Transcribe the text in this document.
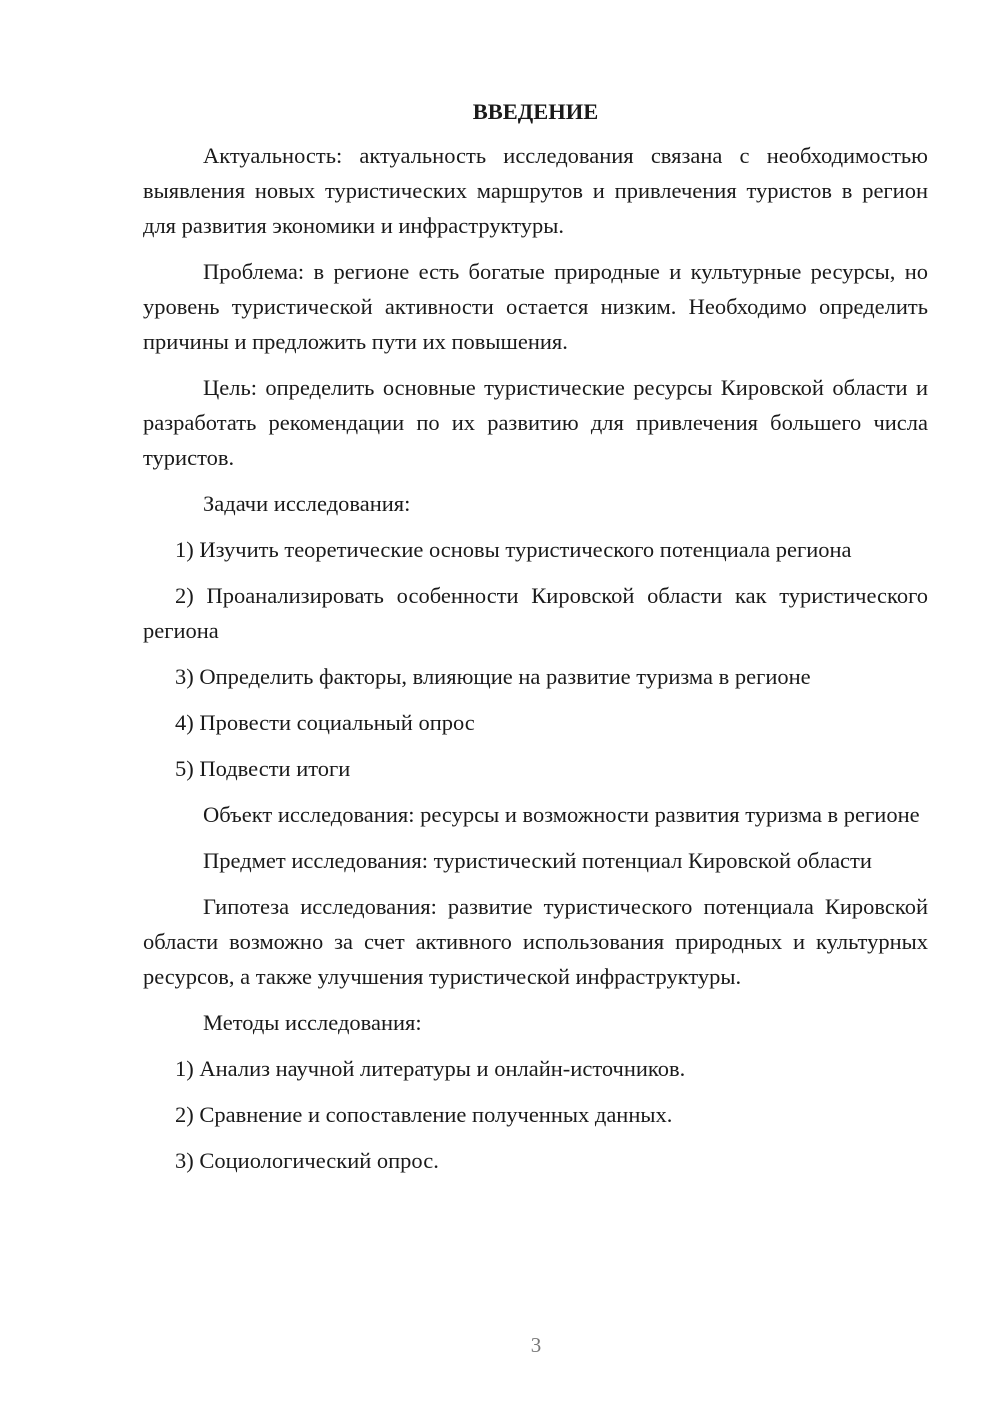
ВВЕДЕНИЕ

Актуальность: актуальность исследования связана с необходимостью выявления новых туристических маршрутов и привлечения туристов в регион для развития экономики и инфраструктуры.

Проблема: в регионе есть богатые природные и культурные ресурсы, но уровень туристической активности остается низким. Необходимо определить причины и предложить пути их повышения.

Цель: определить основные туристические ресурсы Кировской области и разработать рекомендации по их развитию для привлечения большего числа туристов.

Задачи исследования:

1) Изучить теоретические основы туристического потенциала региона

2) Проанализировать особенности Кировской области как туристического региона

3) Определить факторы, влияющие на развитие туризма в регионе

4) Провести социальный опрос

5) Подвести итоги

Объект исследования: ресурсы и возможности развития туризма в регионе

Предмет исследования: туристический потенциал Кировской области

Гипотеза исследования: развитие туристического потенциала Кировской области возможно за счет активного использования природных и культурных ресурсов, а также улучшения туристической инфраструктуры.

Методы исследования:

1) Анализ научной литературы и онлайн-источников.

2) Сравнение и сопоставление полученных данных.

3) Социологический опрос.

3
